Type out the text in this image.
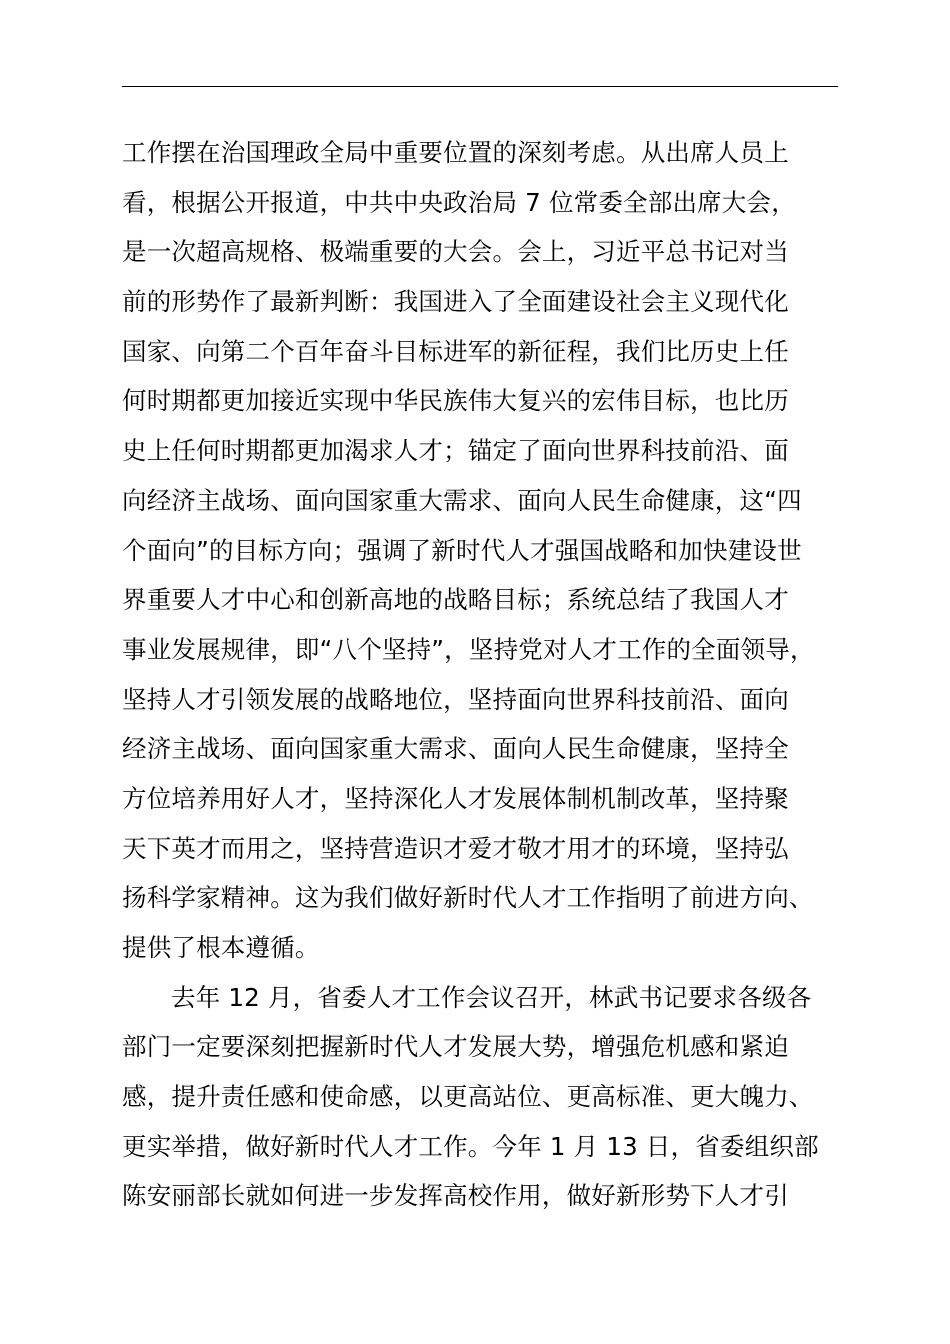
工作摆在治国理政全局中重要位置的深刻考虑。从出席人员上
看，根据公开报道，中共中央政治局 7 位常委全部出席大会，
是一次超高规格、极端重要的大会。会上，习近平总书记对当
前的形势作了最新判断：我国进入了全面建设社会主义现代化
国家、向第二个百年奋斗目标进军的新征程，我们比历史上任
何时期都更加接近实现中华民族伟大复兴的宏伟目标，也比历
史上任何时期都更加渴求人才；锚定了面向世界科技前沿、面
向经济主战场、面向国家重大需求、面向人民生命健康，这“四
个面向”的目标方向；强调了新时代人才强国战略和加快建设世
界重要人才中心和创新高地的战略目标；系统总结了我国人才
事业发展规律，即“八个坚持”，坚持党对人才工作的全面领导，
坚持人才引领发展的战略地位，坚持面向世界科技前沿、面向
经济主战场、面向国家重大需求、面向人民生命健康，坚持全
方位培养用好人才，坚持深化人才发展体制机制改革，坚持聚
天下英才而用之，坚持营造识才爱才敬才用才的环境，坚持弘
扬科学家精神。这为我们做好新时代人才工作指明了前进方向、
提供了根本遵循。
去年 12 月，省委人才工作会议召开，林武书记要求各级各
部门一定要深刻把握新时代人才发展大势，增强危机感和紧迫
感，提升责任感和使命感，以更高站位、更高标准、更大魄力、
更实举措，做好新时代人才工作。今年 1 月 13 日，省委组织部
陈安丽部长就如何进一步发挥高校作用，做好新形势下人才引
